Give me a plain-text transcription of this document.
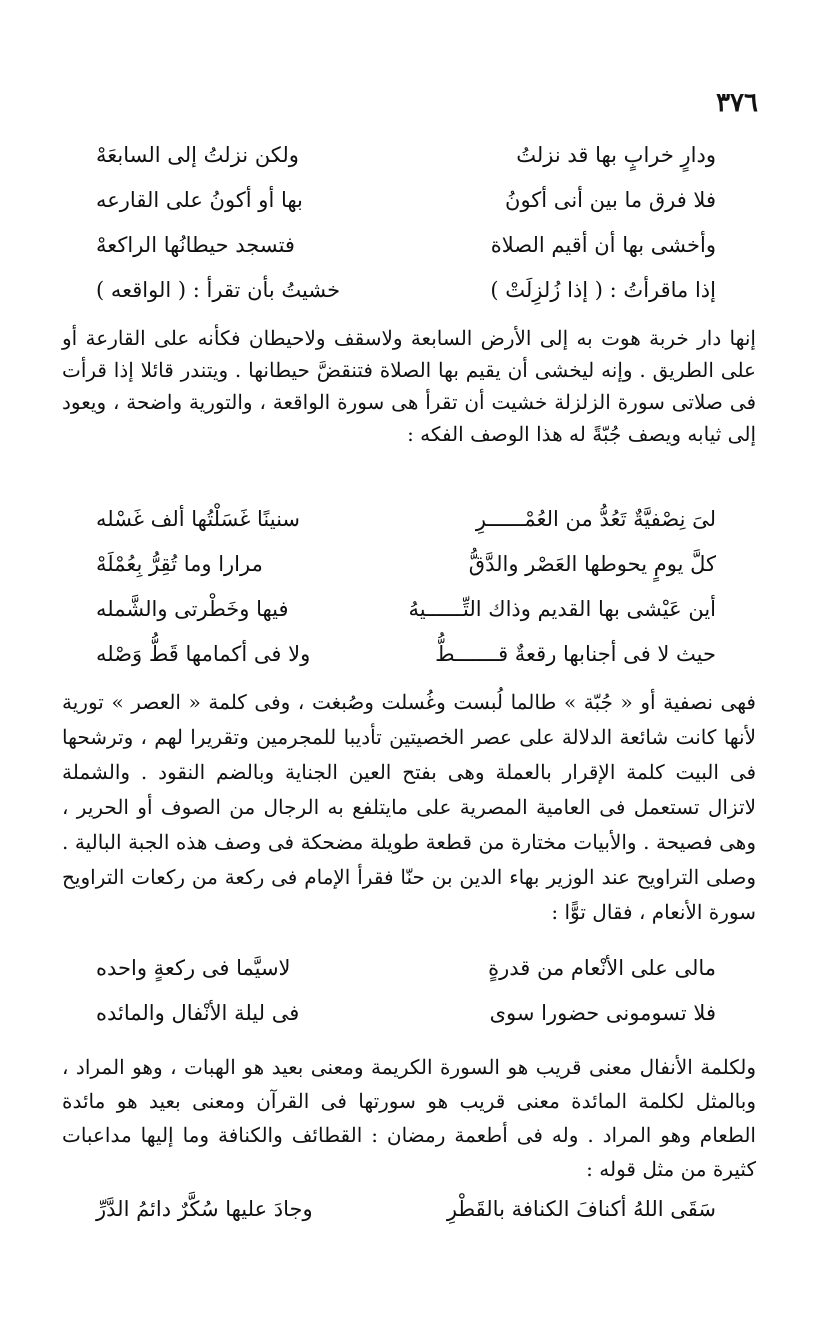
٣٧٦
ودارٍ خرابٍ بها قد نزلتُ
ولكن نزلتُ إلى السابعَهْ
فلا فرق ما بين أنى أكونُ
بها أو أكونُ على القارعه
وأخشى بها أن أقيم الصلاة
فتسجد حيطانُها الراكعهْ
إذا ماقرأتُ : ( إذا زُلزِلَتْ )
خشيتُ بأن تقرأ : ( الواقعه )

إنها دار خربة هوت به إلى الأرض السابعة ولاسقف ولاحيطان فكأنه على القارعة أو على الطريق . وإنه ليخشى أن يقيم بها الصلاة فتنقضَّ حيطانها . ويتندر قائلا إذا قرأت فى صلاتى سورة الزلزلة خشيت أن تقرأ هى سورة الواقعة ، والتورية واضحة ، ويعود إلى ثيابه ويصف جُبّةً له هذا الوصف الفكه :

لىَ نِصْفيَّةٌ تَعُدُّ من العُمْــــــرِ
سنينًا غَسَلْتُها ألف غَسْله
كلَّ يومٍ يحوطها العَصْر والدَّقُّ
مرارا وما تُقِرُّ بِعُمْلَهْ
أين عَيْشى بها القديم وذاك التِّــــــيهُ
فيها وخَطْرتى والشَّمله
حيث لا فى أجنابها رقعةٌ قـــــــطُّ
ولا فى أكمامها قَطُّ وَصْله

فهى نصفية أو « جُبّة » طالما لُبست وغُسلت وصُبغت ، وفى كلمة « العصر » تورية لأنها كانت شائعة الدلالة على عصر الخصيتين تأديبا للمجرمين وتقريرا لهم ، وترشحها فى البيت كلمة الإقرار بالعملة وهى بفتح العين الجناية وبالضم النقود . والشملة لاتزال تستعمل فى العامية المصرية على مايتلفع به الرجال من الصوف أو الحرير ، وهى فصيحة . والأبيات مختارة من قطعة طويلة مضحكة فى وصف هذه الجبة البالية . وصلى التراويح عند الوزير بهاء الدين بن حنّا فقرأ الإمام فى ركعة من ركعات التراويح سورة الأنعام ، فقال توًّا :

مالى على الأنْعام من قدرةٍ
لاسيَّما فى ركعةٍ واحده
فلا تسومونى حضورا سوى
فى ليلة الأنْفال والمائده

ولكلمة الأنفال معنى قريب هو السورة الكريمة ومعنى بعيد هو الهبات ، وهو المراد ، وبالمثل لكلمة المائدة معنى قريب هو سورتها فى القرآن ومعنى بعيد هو مائدة الطعام وهو المراد . وله فى أطعمة رمضان : القطائف والكنافة وما إليها مداعبات كثيرة من مثل قوله :

سَقَى اللهُ أكنافَ الكنافة بالقَطْرِ
وجادَ عليها سُكَّرٌ دائمُ الدَّرِّ
